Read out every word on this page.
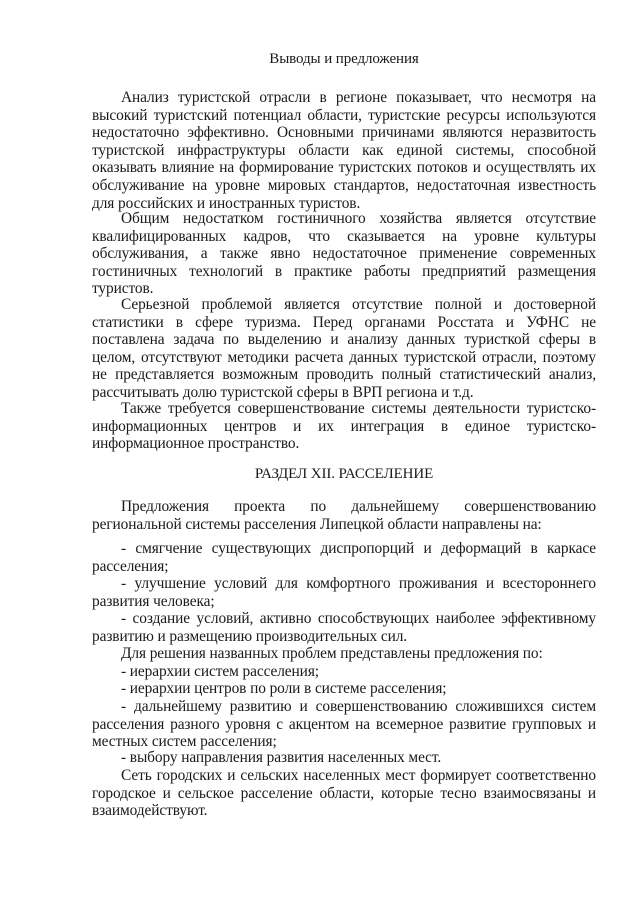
Выводы и предложения

Анализ туристской отрасли в регионе показывает, что несмотря на высокий туристский потенциал области, туристские ресурсы используются недостаточно эффективно. Основными причинами являются неразвитость туристской инфраструктуры области как единой системы, способной оказывать влияние на формирование туристских потоков и осуществлять их обслуживание на уровне мировых стандартов, недостаточная известность для российских и иностранных туристов.

Общим недостатком гостиничного хозяйства является отсутствие квалифицированных кадров, что сказывается на уровне культуры обслуживания, а также явно недостаточное применение современных гостиничных технологий в практике работы предприятий размещения туристов.

Серьезной проблемой является отсутствие полной и достоверной статистики в сфере туризма. Перед органами Росстата и УФНС не поставлена задача по выделению и анализу данных туристкой сферы в целом, отсутствуют методики расчета данных туристской отрасли, поэтому не представляется возможным проводить полный статистический анализ, рассчитывать долю туристской сферы в ВРП региона и т.д.

Также требуется совершенствование системы деятельности туристско-информационных центров и их интеграция в единое туристско-информационное пространство.

РАЗДЕЛ XII. РАССЕЛЕНИЕ

Предложения проекта по дальнейшему совершенствованию региональной системы расселения Липецкой области направлены на:

- смягчение существующих диспропорций и деформаций в каркасе расселения;

- улучшение условий для комфортного проживания и всестороннего развития человека;

- создание условий, активно способствующих наиболее эффективному развитию и размещению производительных сил.

Для решения названных проблем представлены предложения по:

- иерархии систем расселения;

- иерархии центров по роли в системе расселения;

- дальнейшему развитию и совершенствованию сложившихся систем расселения разного уровня с акцентом на всемерное развитие групповых и местных систем расселения;

- выбору направления развития населенных мест.

Сеть городских и сельских населенных мест формирует соответственно городское и сельское расселение области, которые тесно взаимосвязаны и взаимодействуют.
